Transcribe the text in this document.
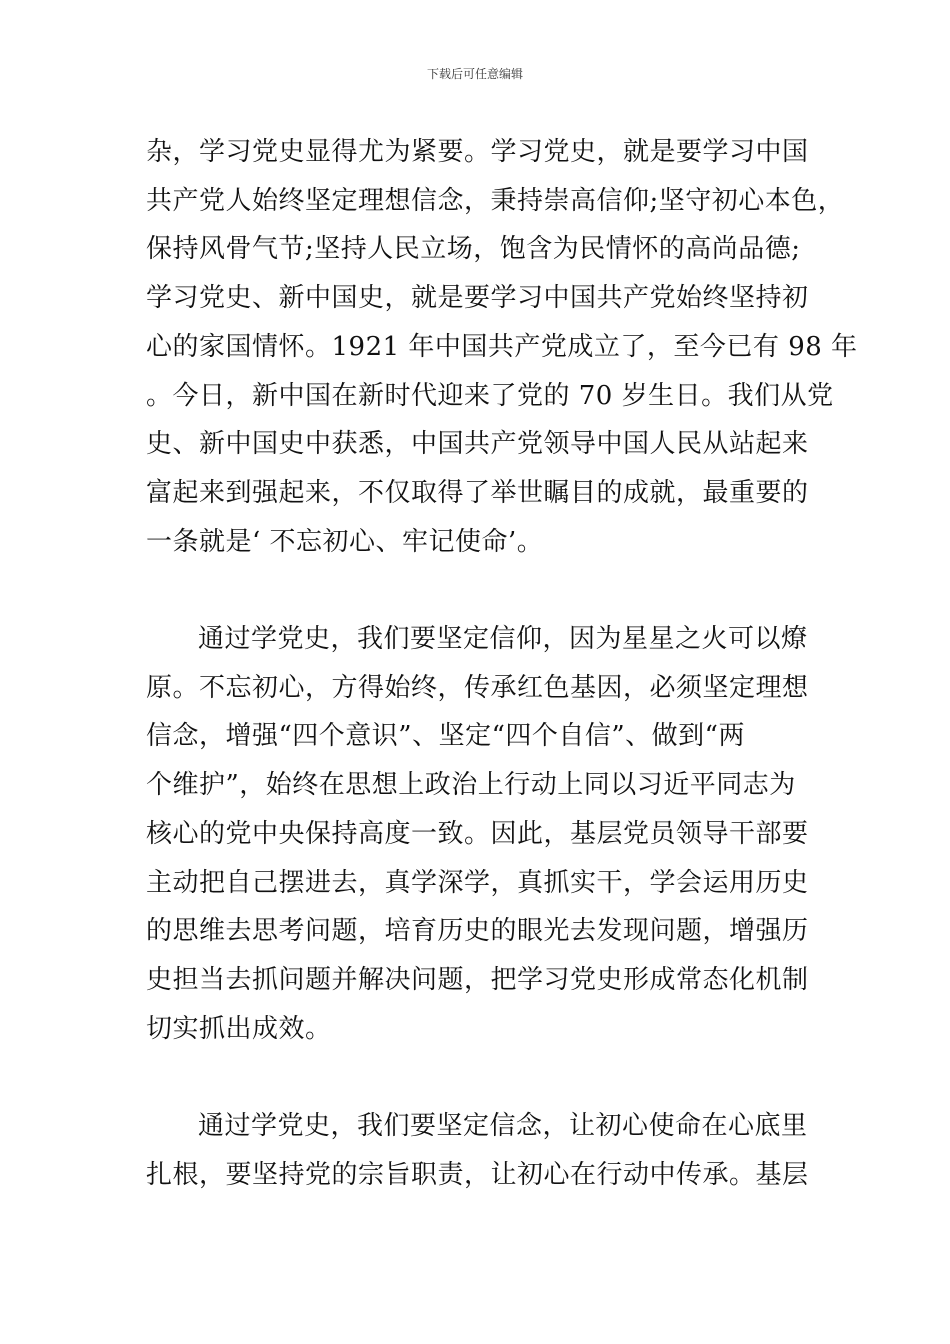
下载后可任意编辑
杂，学习党史显得尤为紧要。学习党史，就是要学习中国
共产党人始终坚定理想信念，秉持崇高信仰;坚守初心本色，
保持风骨气节;坚持人民立场，饱含为民情怀的高尚品德;
学习党史、新中国史，就是要学习中国共产党始终坚持初
心的家国情怀。1921 年中国共产党成立了，至今已有 98 年
。今日，新中国在新时代迎来了党的 70 岁生日。我们从党
史、新中国史中获悉，中国共产党领导中国人民从站起来
富起来到强起来，不仅取得了举世瞩目的成就，最重要的
一条就是‘ 不忘初心、牢记使命’。
通过学党史，我们要坚定信仰，因为星星之火可以燎
原。不忘初心，方得始终，传承红色基因，必须坚定理想
信念，增强“四个意识”、坚定“四个自信”、做到“两
个维护”，始终在思想上政治上行动上同以习近平同志为
核心的党中央保持高度一致。因此，基层党员领导干部要
主动把自己摆进去，真学深学，真抓实干，学会运用历史
的思维去思考问题，培育历史的眼光去发现问题，增强历
史担当去抓问题并解决问题，把学习党史形成常态化机制
切实抓出成效。
通过学党史，我们要坚定信念，让初心使命在心底里
扎根，要坚持党的宗旨职责，让初心在行动中传承。基层
